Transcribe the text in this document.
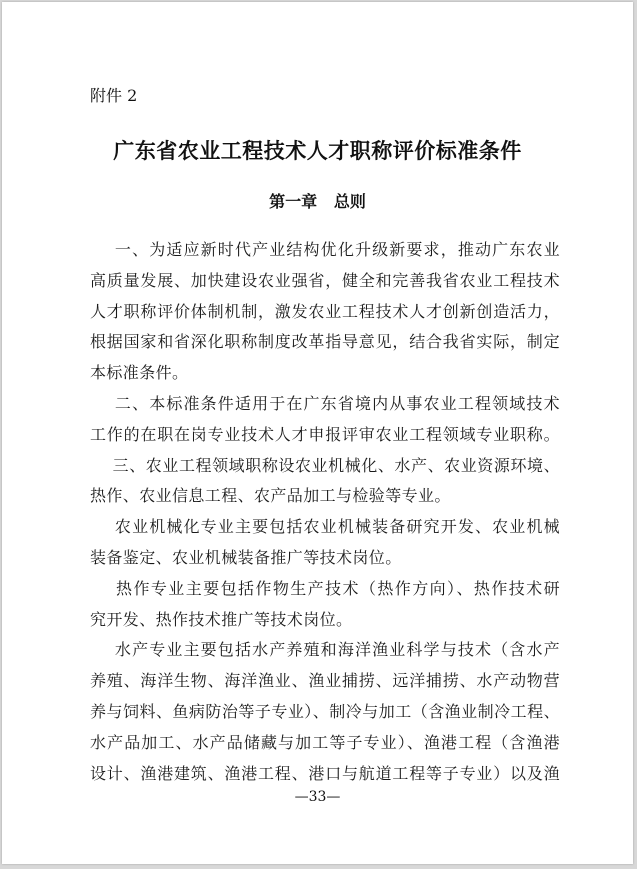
附件 2
广东省农业工程技术人才职称评价标准条件
第一章   总则
一、为适应新时代产业结构优化升级新要求，推动广东农业
高质量发展、加快建设农业强省，健全和完善我省农业工程技术
人才职称评价体制机制，激发农业工程技术人才创新创造活力，
根据国家和省深化职称制度改革指导意见，结合我省实际，制定
本标准条件。
二、本标准条件适用于在广东省境内从事农业工程领域技术
工作的在职在岗专业技术人才申报评审农业工程领域专业职称。
三、农业工程领域职称设农业机械化、水产、农业资源环境、
热作、农业信息工程、农产品加工与检验等专业。
农业机械化专业主要包括农业机械装备研究开发、农业机械
装备鉴定、农业机械装备推广等技术岗位。
热作专业主要包括作物生产技术（热作方向）、热作技术研
究开发、热作技术推广等技术岗位。
水产专业主要包括水产养殖和海洋渔业科学与技术（含水产
养殖、海洋生物、海洋渔业、渔业捕捞、远洋捕捞、水产动物营
养与饲料、鱼病防治等子专业）、制冷与加工（含渔业制冷工程、
水产品加工、水产品储藏与加工等子专业）、渔港工程（含渔港
设计、渔港建筑、渔港工程、港口与航道工程等子专业）以及渔
—33—
